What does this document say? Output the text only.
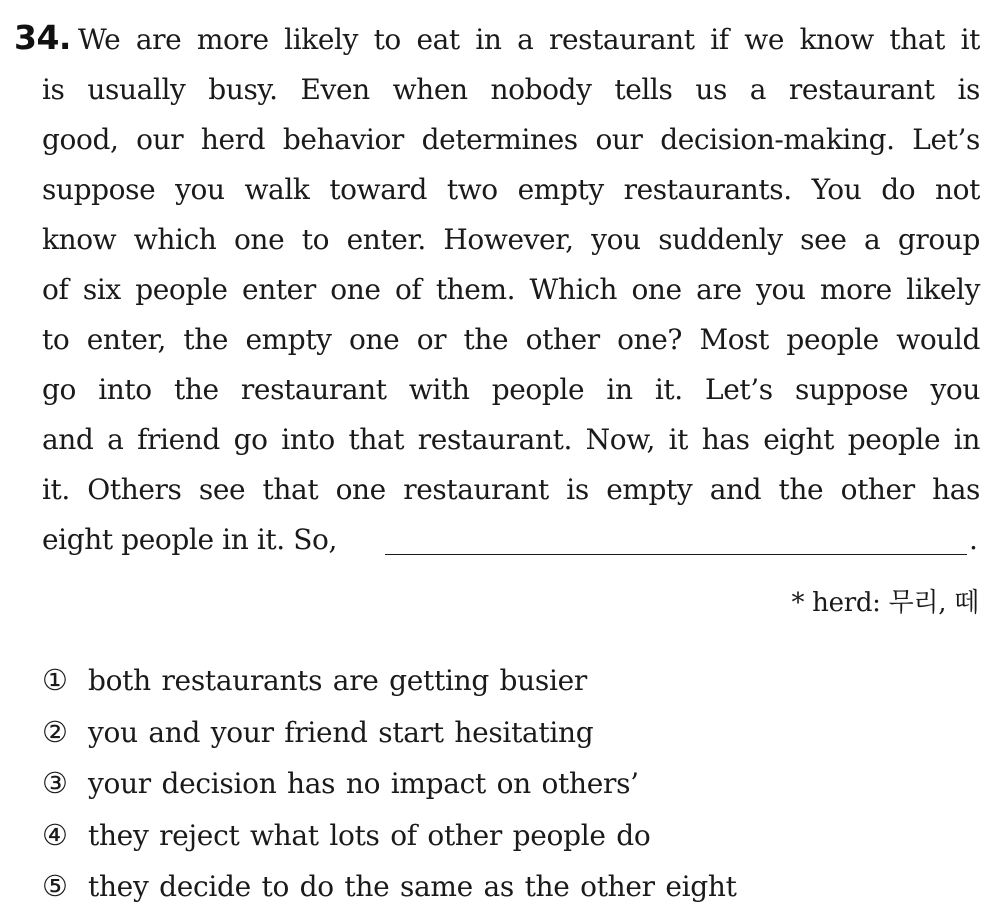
34. We are more likely to eat in a restaurant if we know that it
is usually busy. Even when nobody tells us a restaurant is
good, our herd behavior determines our decision-making. Let’s
suppose you walk toward two empty restaurants. You do not
know which one to enter. However, you suddenly see a group
of six people enter one of them. Which one are you more likely
to enter, the empty one or the other one? Most people would
go into the restaurant with people in it. Let’s suppose you
and a friend go into that restaurant. Now, it has eight people in
it. Others see that one restaurant is empty and the other has
eight people in it. So,	.
* herd: 무리, 떼
① both restaurants are getting busier
② you and your friend start hesitating
③ your decision has no impact on others’
④ they reject what lots of other people do
⑤ they decide to do the same as the other eight
